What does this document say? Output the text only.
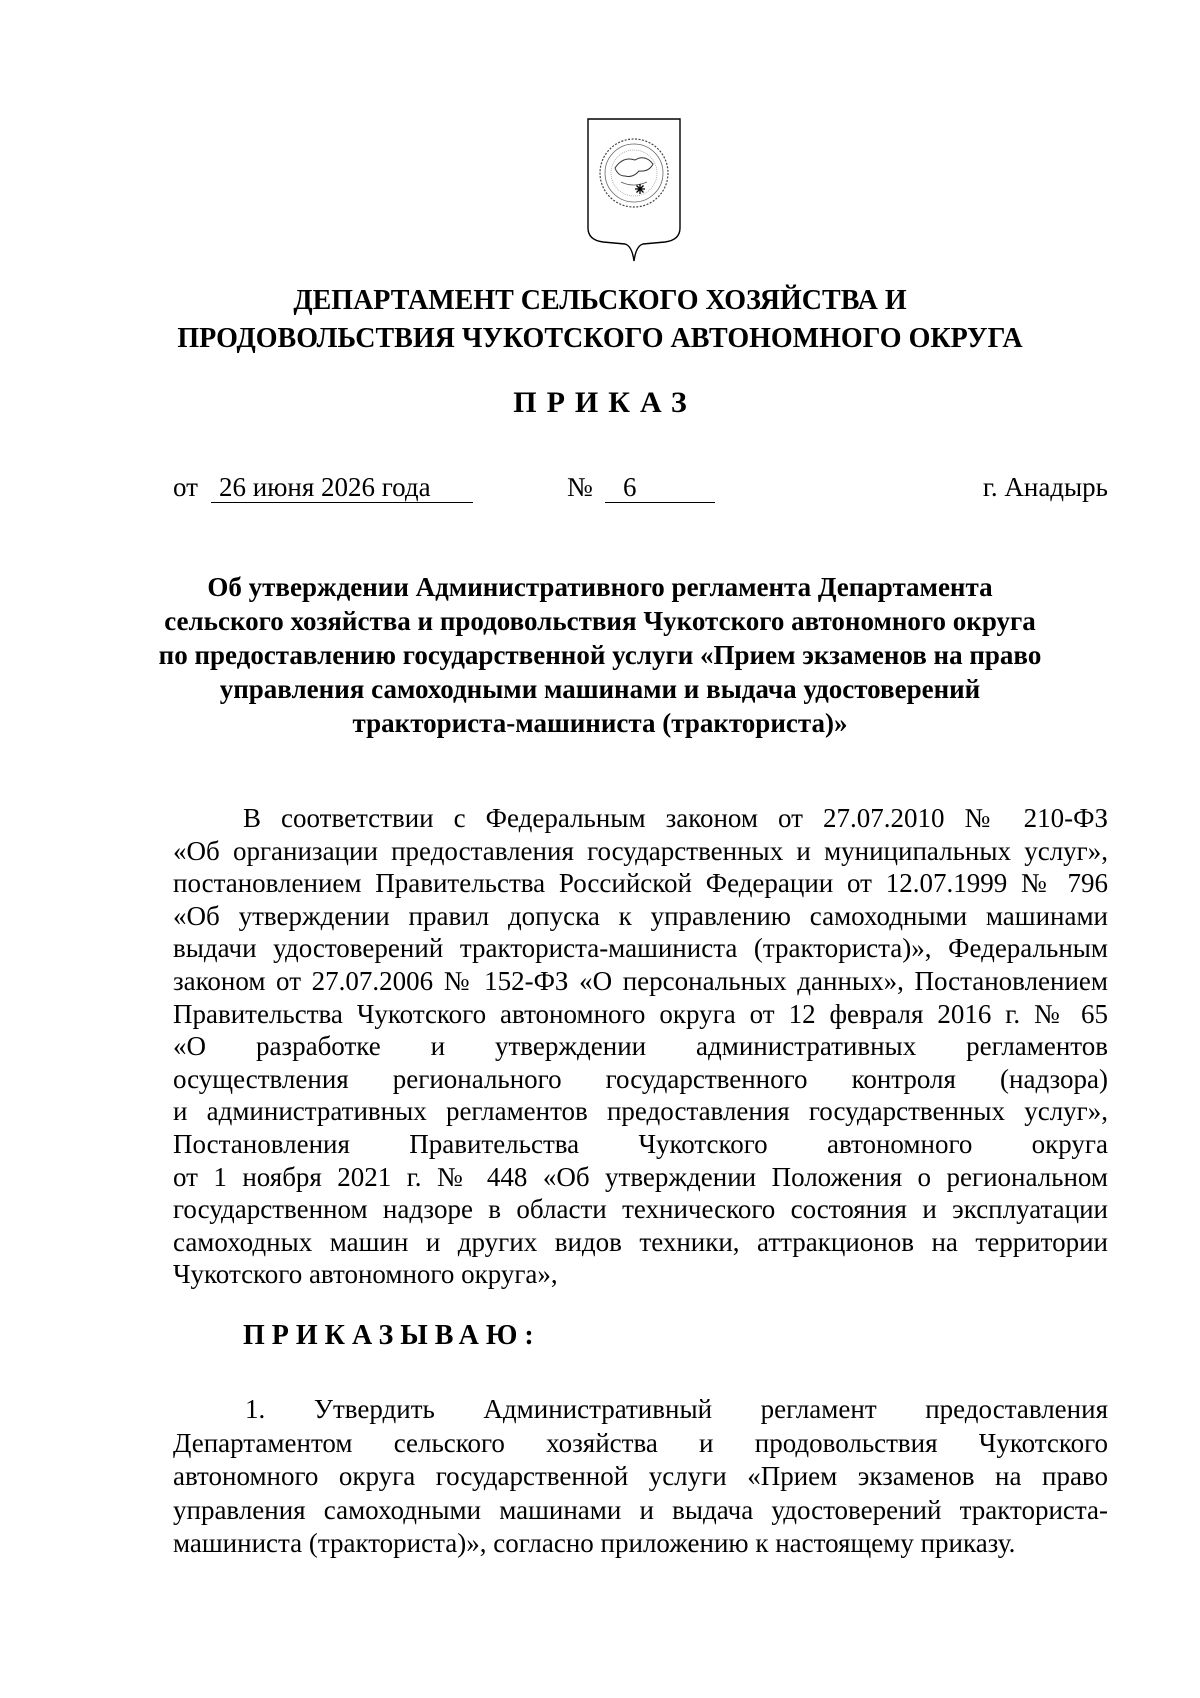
ДЕПАРТАМЕНТ СЕЛЬСКОГО ХОЗЯЙСТВА И
ПРОДОВОЛЬСТВИЯ ЧУКОТСКОГО АВТОНОМНОГО ОКРУГА
ПРИКАЗ
от 26 июня 2026 года	№	6	г. Анадырь
Об утверждении Административного регламента Департамента
сельского хозяйства и продовольствия Чукотского автономного округа
по предоставлению государственной услуги «Прием экзаменов на право
управления самоходными машинами и выдача удостоверений
тракториста-машиниста (тракториста)»
В соответствии с Федеральным законом от 27.07.2010 № 210-ФЗ
«Об организации предоставления государственных и муниципальных услуг»,
постановлением Правительства Российской Федерации от 12.07.1999 № 796
«Об утверждении правил допуска к управлению самоходными машинами
выдачи удостоверений тракториста-машиниста (тракториста)», Федеральным
законом от 27.07.2006 № 152-ФЗ «О персональных данных», Постановлением
Правительства Чукотского автономного округа от 12 февраля 2016 г. № 65
«О разработке и утверждении административных регламентов
осуществления регионального государственного контроля (надзора)
и административных регламентов предоставления государственных услуг»,
Постановления Правительства Чукотского автономного округа
от 1 ноября 2021 г. № 448 «Об утверждении Положения о региональном
государственном надзоре в области технического состояния и эксплуатации
самоходных машин и других видов техники, аттракционов на территории
Чукотского автономного округа»,
ПРИКАЗЫВАЮ:
1. Утвердить Административный регламент предоставления
Департаментом сельского хозяйства и продовольствия Чукотского
автономного округа государственной услуги «Прием экзаменов на право
управления самоходными машинами и выдача удостоверений тракториста-
машиниста (тракториста)», согласно приложению к настоящему приказу.
